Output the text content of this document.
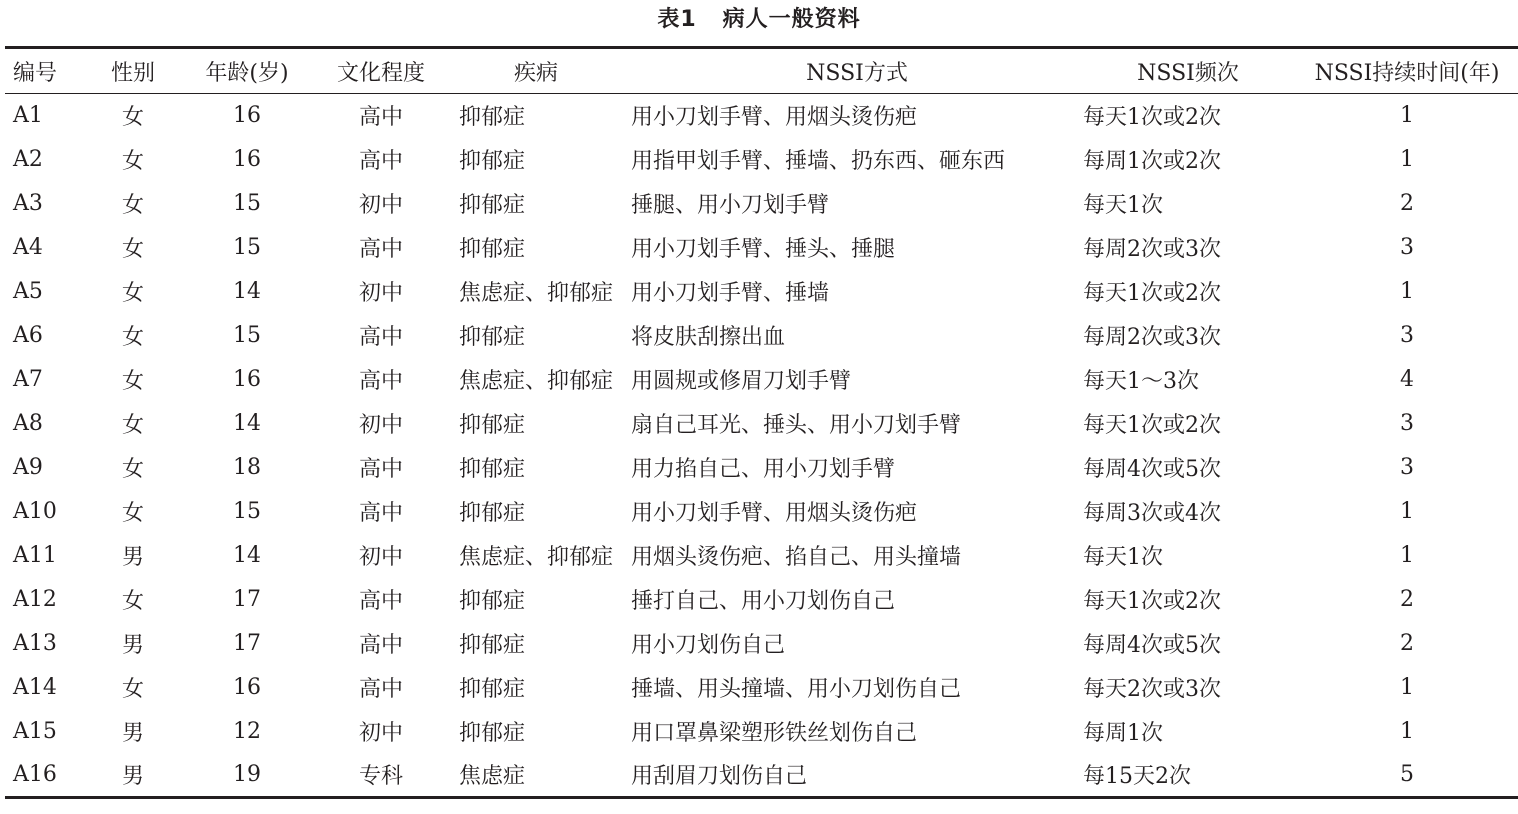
表1 病人一般资料
编号	性别	年龄(岁)	文化程度	疾病	NSSI方式	NSSI频次	NSSI持续时间(年)
A1	女	16	高中	抑郁症	用小刀划手臂、用烟头烫伤疤	每天1次或2次	1
A2	女	16	高中	抑郁症	用指甲划手臂、捶墙、扔东西、砸东西	每周1次或2次	1
A3	女	15	初中	抑郁症	捶腿、用小刀划手臂	每天1次	2
A4	女	15	高中	抑郁症	用小刀划手臂、捶头、捶腿	每周2次或3次	3
A5	女	14	初中	焦虑症、抑郁症	用小刀划手臂、捶墙	每天1次或2次	1
A6	女	15	高中	抑郁症	将皮肤刮擦出血	每周2次或3次	3
A7	女	16	高中	焦虑症、抑郁症	用圆规或修眉刀划手臂	每天1～3次	4
A8	女	14	初中	抑郁症	扇自己耳光、捶头、用小刀划手臂	每天1次或2次	3
A9	女	18	高中	抑郁症	用力掐自己、用小刀划手臂	每周4次或5次	3
A10	女	15	高中	抑郁症	用小刀划手臂、用烟头烫伤疤	每周3次或4次	1
A11	男	14	初中	焦虑症、抑郁症	用烟头烫伤疤、掐自己、用头撞墙	每天1次	1
A12	女	17	高中	抑郁症	捶打自己、用小刀划伤自己	每天1次或2次	2
A13	男	17	高中	抑郁症	用小刀划伤自己	每周4次或5次	2
A14	女	16	高中	抑郁症	捶墙、用头撞墙、用小刀划伤自己	每天2次或3次	1
A15	男	12	初中	抑郁症	用口罩鼻梁塑形铁丝划伤自己	每周1次	1
A16	男	19	专科	焦虑症	用刮眉刀划伤自己	每15天2次	5
